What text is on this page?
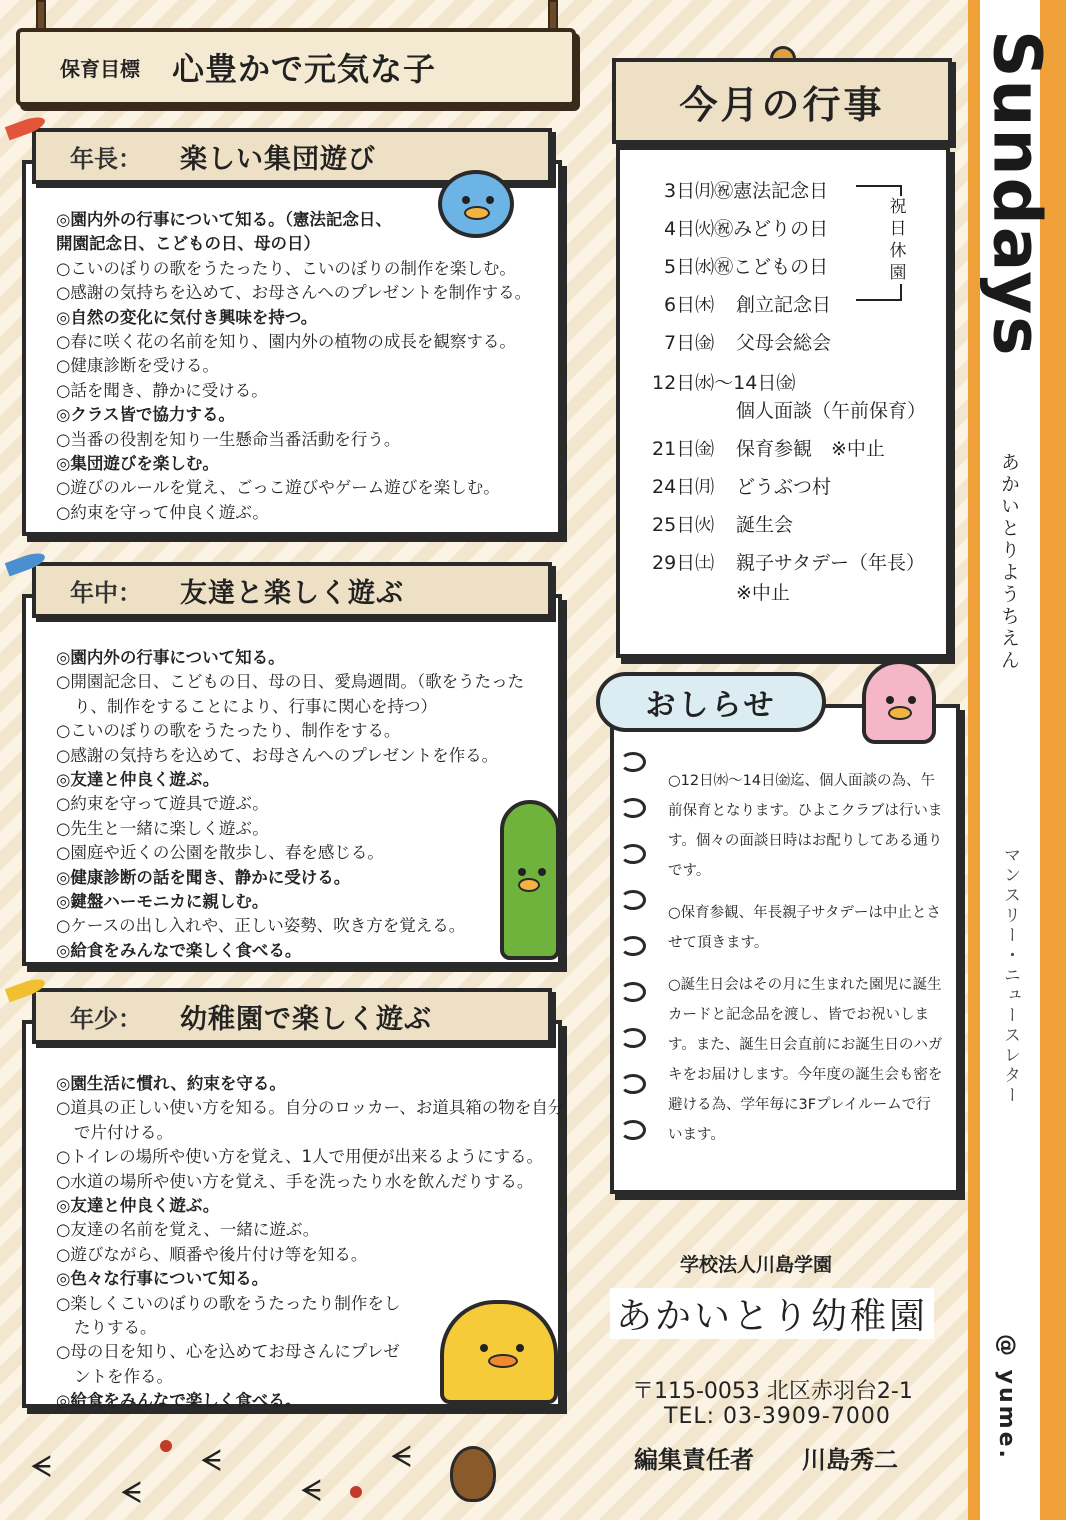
保育目標 心豊かで元気な子
◎園内外の行事について知る。（憲法記念日、
開園記念日、こどもの日、母の日）
○こいのぼりの歌をうたったり、こいのぼりの制作を楽しむ。
○感謝の気持ちを込めて、お母さんへのプレゼントを制作する。
◎自然の変化に気付き興味を持つ。
○春に咲く花の名前を知り、園内外の植物の成長を観察する。
○健康診断を受ける。
○話を聞き、静かに受ける。
◎クラス皆で協力する。
○当番の役割を知り一生懸命当番活動を行う。
◎集団遊びを楽しむ。
○遊びのルールを覚え、ごっこ遊びやゲーム遊びを楽しむ。
○約束を守って仲良く遊ぶ。
年長：	楽しい集団遊び
◎園内外の行事について知る。
○開園記念日、こどもの日、母の日、愛鳥週間。（歌をうたったり、制作をすることにより、行事に関心を持つ）
○こいのぼりの歌をうたったり、制作をする。
○感謝の気持ちを込めて、お母さんへのプレゼントを作る。
◎友達と仲良く遊ぶ。
○約束を守って遊具で遊ぶ。
○先生と一緒に楽しく遊ぶ。
○園庭や近くの公園を散歩し、春を感じる。
◎健康診断の話を聞き、静かに受ける。
◎鍵盤ハーモニカに親しむ。
○ケースの出し入れや、正しい姿勢、吹き方を覚える。
◎給食をみんなで楽しく食べる。
年中：	友達と楽しく遊ぶ
◎園生活に慣れ、約束を守る。
○道具の正しい使い方を知る。自分のロッカー、お道具箱の物を自分で片付ける。
○トイレの場所や使い方を覚え、1人で用便が出来るようにする。
○水道の場所や使い方を覚え、手を洗ったり水を飲んだりする。
◎友達と仲良く遊ぶ。
○友達の名前を覚え、一緒に遊ぶ。
○遊びながら、順番や後片付け等を知る。
◎色々な行事について知る。
○楽しくこいのぼりの歌をうたったり制作をしたりする。
○母の日を知り、心を込めてお母さんにプレゼントを作る。
◎給食をみんなで楽しく食べる。
年少：	幼稚園で楽しく遊ぶ
ᗕ
ᗕ
ᗕ
ᗕ
ᗕ
今月の行事
3日㈪㊗憲法記念日
4日㈫㊗みどりの日
5日㈬㊗こどもの日
6日㈭ 創立記念日
7日㈮ 父母会総会
12日㈬〜14日㈮
個人面談（午前保育）
21日㈮ 保育参観　※中止
24日㈪ どうぶつ村
25日㈫ 誕生会
29日㈯ 親子サタデー（年長）
※中止
祝日休園
おしらせ
○12日㈬〜14日㈮迄、個人面談の為、午前保育となります。ひよこクラブは行います。個々の面談日時はお配りしてある通りです。
○保育参観、年長親子サタデーは中止とさせて頂きます。
○誕生日会はその月に生まれた園児に誕生カードと記念品を渡し、皆でお祝いします。また、誕生日会直前にお誕生日のハガキをお届けします。今年度の誕生会も密を避ける為、学年毎に3Fプレイルームで行います。
学校法人川島学園
あかいとり幼稚園
〒115-0053 北区赤羽台2-1
TEL: 03-3909-7000
編集責任者　　川島秀二
Sundays
あかいとりようちえん
マンスリー・ニュースレター
@ yume.
